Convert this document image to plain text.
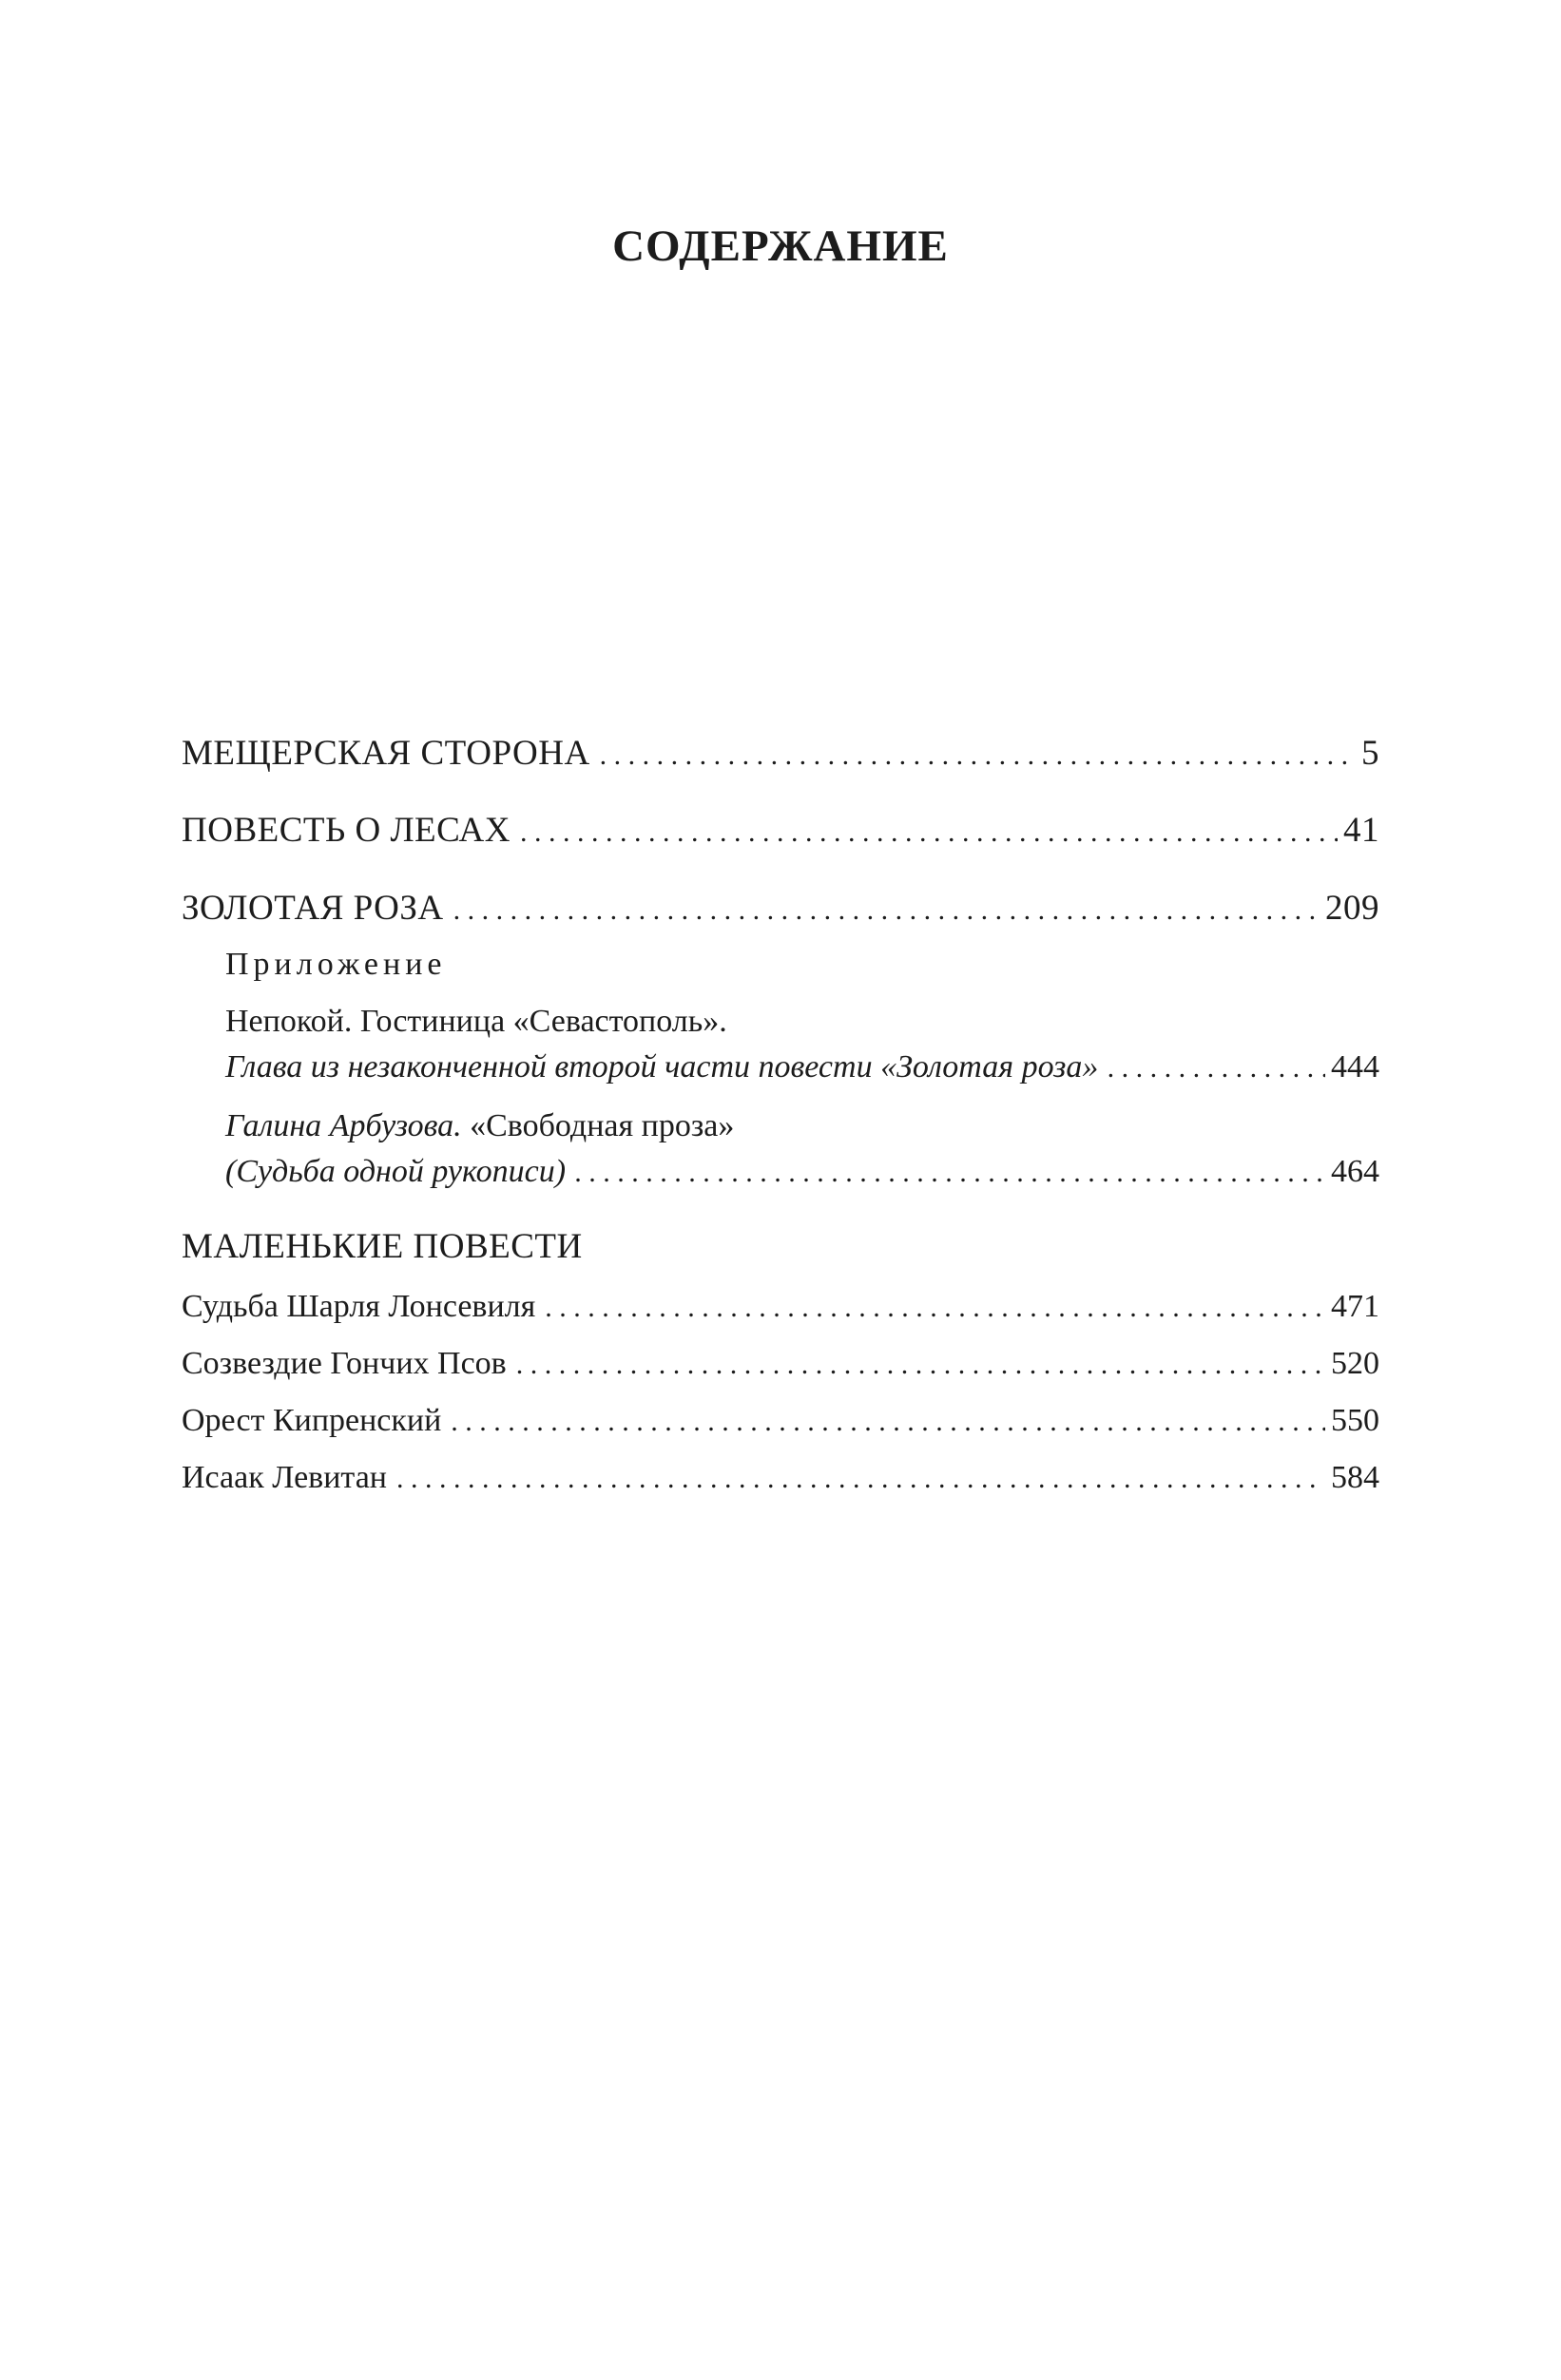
СОДЕРЖАНИЕ
МЕЩЕРСКАЯ СТОРОНА . . .	5
ПОВЕСТЬ О ЛЕСАХ . . .	41
ЗОЛОТАЯ РОЗА . . .	209
Приложение
Непокой. Гостиница «Севастополь».
Глава из незаконченной второй части повести «Золотая роза» . . .	444
Галина Арбузова. «Свободная проза»
(Судьба одной рукописи) . . .	464
МАЛЕНЬКИЕ ПОВЕСТИ
Судьба Шарля Лонсевиля . . .	471
Созвездие Гончих Псов . . .	520
Орест Кипренский . . .	550
Исаак Левитан . . .	584
